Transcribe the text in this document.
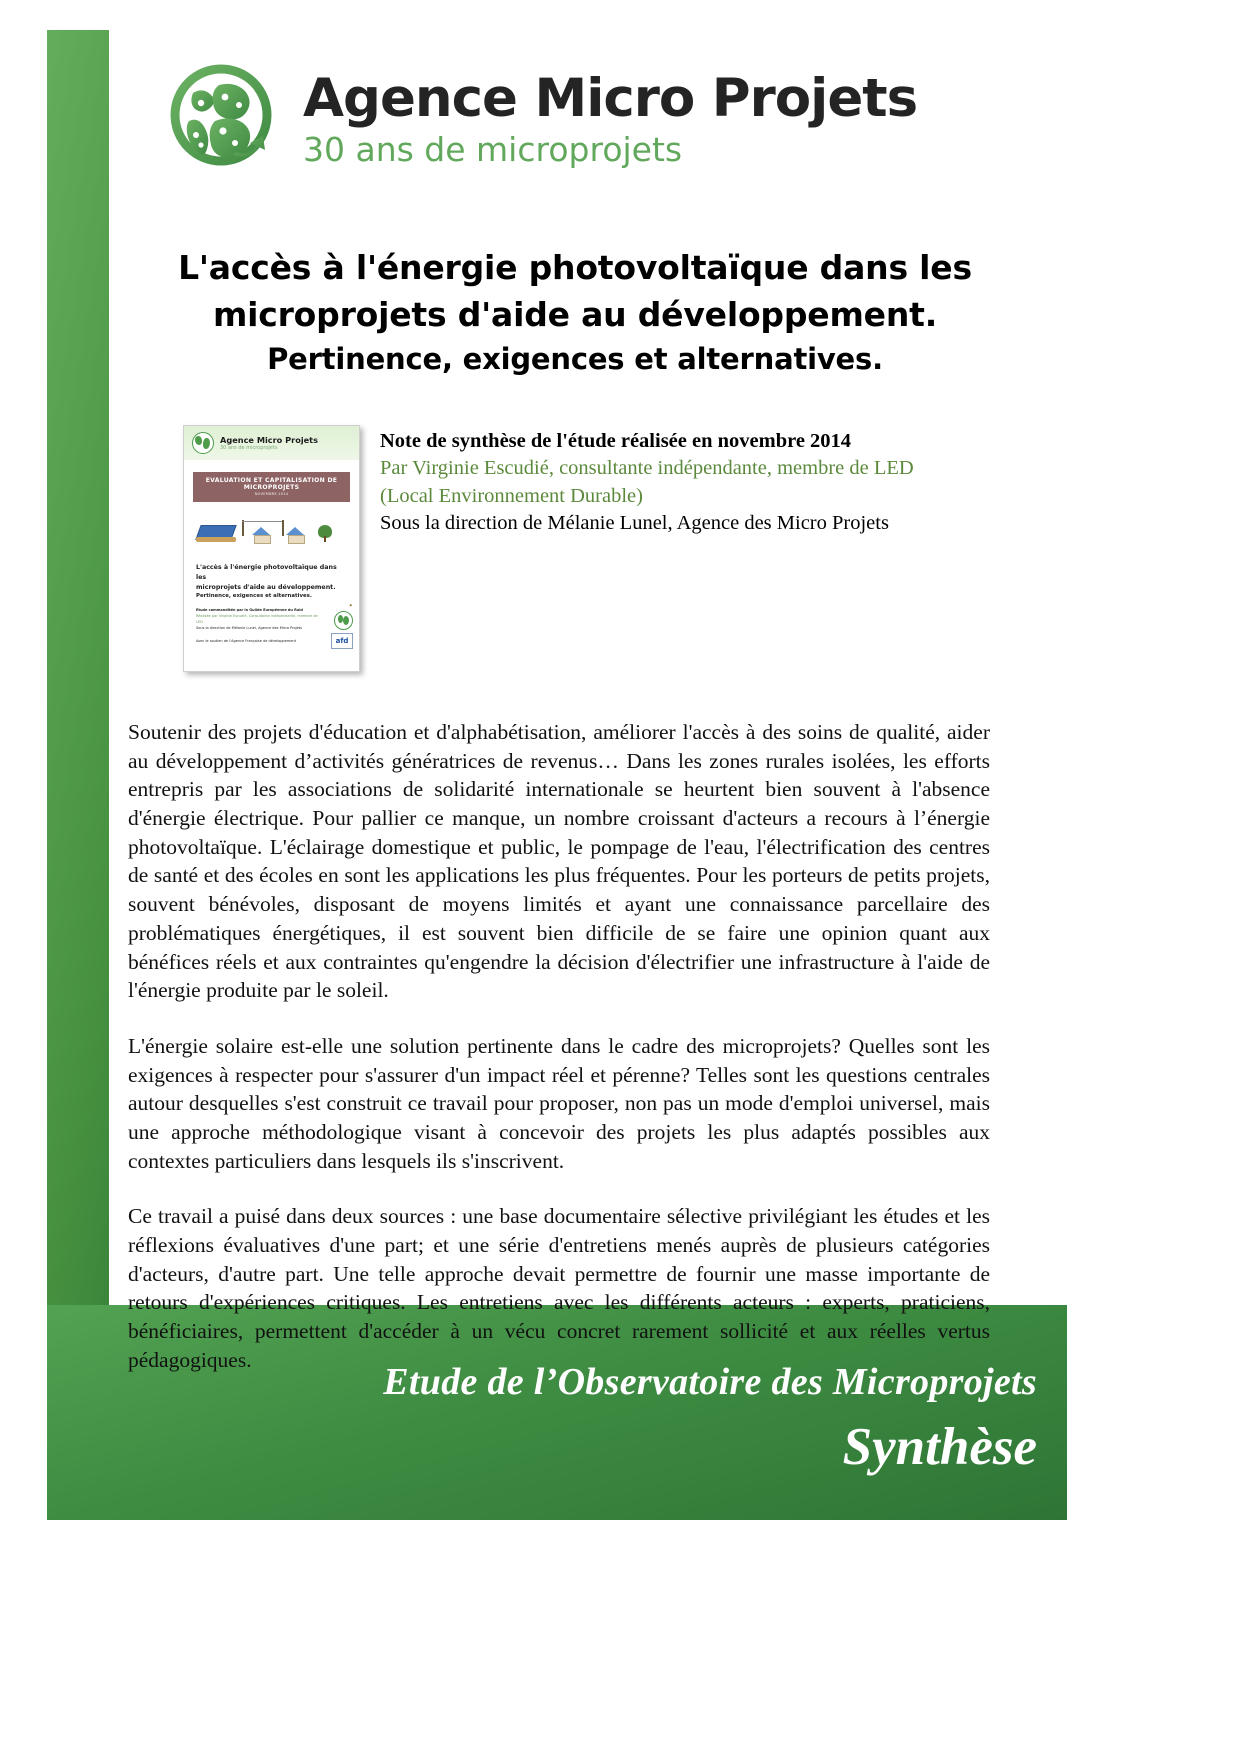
Agence Micro Projets
30 ans de microprojets
L'accès à l'énergie photovoltaïque dans les
microprojets d'aide au développement.
Pertinence, exigences et alternatives.
Agence Micro Projets
30 ans de microprojets
EVALUATION ET CAPITALISATION DE MICROPROJETS
NOVEMBRE 2014
L'accès à l'énergie photovoltaïque dans les
microprojets d'aide au développement.
Pertinence, exigences et alternatives.
Etude commanditée par la Guilde Européenne du Raid
Réalisée par Virginie Escudié, Consultante indépendante, membre de LED
Sous la direction de Mélanie Lunel, Agence des Micro Projets
Avec le soutien de l'Agence Française de développement
✦
afd
Note de synthèse de l'étude réalisée en novembre 2014
Par Virginie Escudié, consultante indépendante, membre de LED
(Local Environnement Durable)
Sous la direction de Mélanie Lunel, Agence des Micro Projets

Soutenir des projets d'éducation et d'alphabétisation, améliorer l'accès à des soins de qualité, aider au développement d’activités génératrices de revenus… Dans les zones rurales isolées, les efforts entrepris par les associations de solidarité internationale se heurtent bien souvent à l'absence d'énergie électrique. Pour pallier ce manque, un nombre croissant d'acteurs a recours à l’énergie photovoltaïque. L'éclairage domestique et public, le pompage de l'eau, l'électrification des centres de santé et des écoles en sont les applications les plus fréquentes. Pour les porteurs de petits projets, souvent bénévoles, disposant de moyens limités et ayant une connaissance parcellaire des problématiques énergétiques, il est souvent bien difficile de se faire une opinion quant aux bénéfices réels et aux contraintes qu'engendre la décision d'électrifier une infrastructure à l'aide de l'énergie produite par le soleil.

L'énergie solaire est-elle une solution pertinente dans le cadre des microprojets? Quelles sont les exigences à respecter pour s'assurer d'un impact réel et pérenne? Telles sont les questions centrales autour desquelles s'est construit ce travail pour proposer, non pas un mode d'emploi universel, mais une approche méthodologique visant à concevoir des projets les plus adaptés possibles aux contextes particuliers dans lesquels ils s'inscrivent.

Ce travail a puisé dans deux sources : une base documentaire sélective privilégiant les études et les réflexions évaluatives d'une part; et une série d'entretiens menés auprès de plusieurs catégories d'acteurs, d'autre part. Une telle approche devait permettre de fournir une masse importante de retours d'expériences critiques. Les entretiens avec les différents acteurs : experts, praticiens, bénéficiaires, permettent d'accéder à un vécu concret rarement sollicité et aux réelles vertus pédagogiques.

Etude de l’Observatoire des Microprojets
Synthèse
